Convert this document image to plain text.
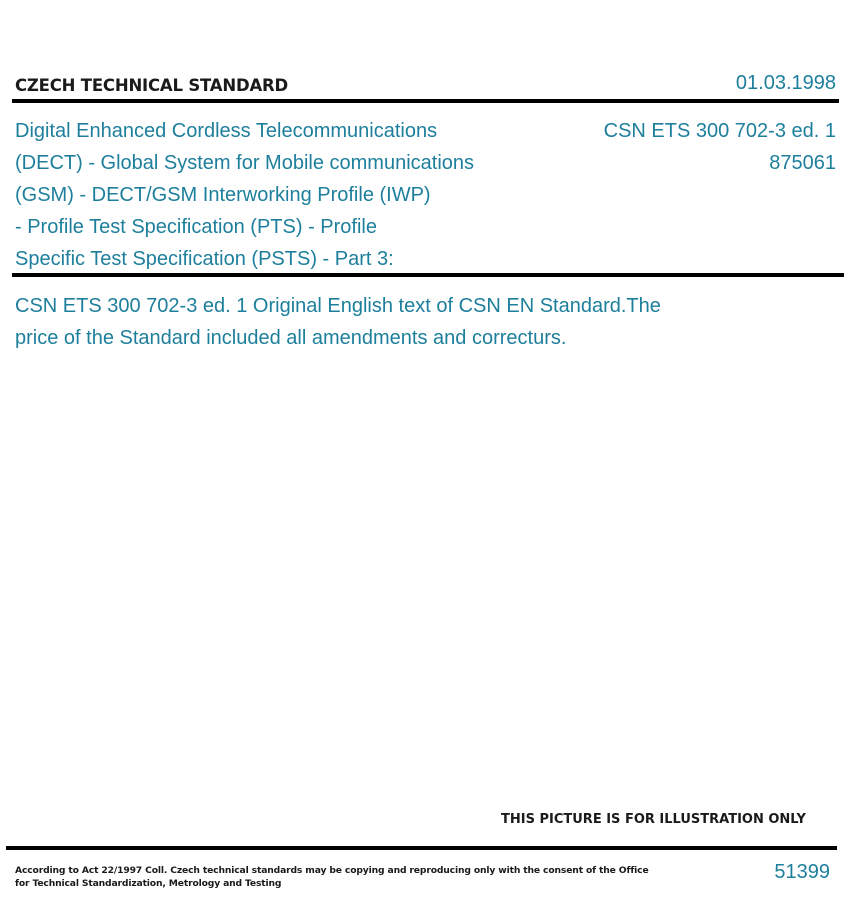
CZECH TECHNICAL STANDARD	01.03.1998
Digital Enhanced Cordless Telecommunications
(DECT) - Global System for Mobile communications
(GSM) - DECT/GSM Interworking Profile (IWP)
- Profile Test Specification (PTS) - Profile
Specific Test Specification (PSTS) - Part 3:
CSN ETS 300 702-3 ed. 1
875061
CSN ETS 300 702-3 ed. 1 Original English text of CSN EN Standard.The
price of the Standard included all amendments and correcturs.
THIS PICTURE IS FOR ILLUSTRATION ONLY
According to Act 22/1997 Coll. Czech technical standards may be copying and reproducing only with the consent of the Office
for Technical Standardization, Metrology and Testing
51399
